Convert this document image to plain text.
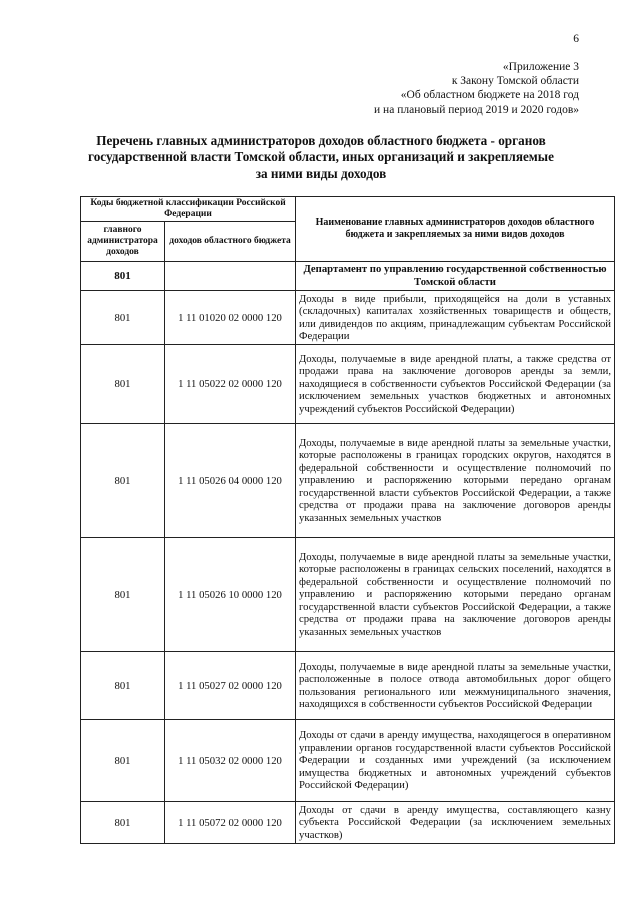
6
«Приложение 3
к Закону Томской области
«Об областном бюджете на 2018 год
и на плановый период 2019 и 2020 годов»
Перечень главных администраторов доходов областного бюджета - органов
государственной власти Томской области, иных организаций и закрепляемые
за ними виды доходов
Коды бюджетной классификации Российской Федерации		Наименование главных администраторов доходов областного бюджета и закрепляемых за ними видов доходов
главного администратора доходов	доходов областного бюджета	
801		Департамент по управлению государственной собственностью Томской области
801	1 11 01020 02 0000 120	Доходы в виде прибыли, приходящейся на доли в уставных (складочных) капиталах хозяйственных товариществ и обществ, или дивидендов по акциям, принадлежащим субъектам Российской Федерации
801	1 11 05022 02 0000 120	Доходы, получаемые в виде арендной платы, а также средства от продажи права на заключение договоров аренды за земли, находящиеся в собственности субъектов Российской Федерации (за исключением земельных участков бюджетных и автономных учреждений субъектов Российской Федерации)
801	1 11 05026 04 0000 120	Доходы, получаемые в виде арендной платы за земельные участки, которые расположены в границах городских округов, находятся в федеральной собственности и осуществление полномочий по управлению и распоряжению которыми передано органам государственной власти субъектов Российской Федерации, а также средства от продажи права на заключение договоров аренды указанных земельных участков
801	1 11 05026 10 0000 120	Доходы, получаемые в виде арендной платы за земельные участки, которые расположены в границах сельских поселений, находятся в федеральной собственности и осуществление полномочий по управлению и распоряжению которыми передано органам государственной власти субъектов Российской Федерации, а также средства от продажи права на заключение договоров аренды указанных земельных участков
801	1 11 05027 02 0000 120	Доходы, получаемые в виде арендной платы за земельные участки, расположенные в полосе отвода автомобильных дорог общего пользования регионального или межмуниципального значения, находящихся в собственности субъектов Российской Федерации
801	1 11 05032 02 0000 120	Доходы от сдачи в аренду имущества, находящегося в оперативном управлении органов государственной власти субъектов Российской Федерации и созданных ими учреждений (за исключением имущества бюджетных и автономных учреждений субъектов Российской Федерации)
801	1 11 05072 02 0000 120	Доходы от сдачи в аренду имущества, составляющего казну субъекта Российской Федерации (за исключением земельных участков)
